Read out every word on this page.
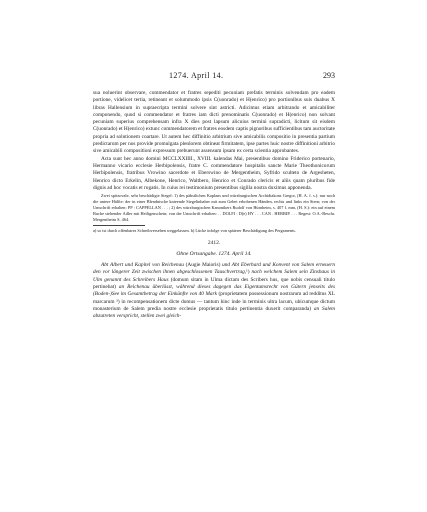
1274. April 14.	293

sua noluerint observare, commendator et fratres sepediti pecuniam prefatis terminis solvendam pro eadem portione, videlicet tertia, retineant et solummodo ipsis C(uonrado) et H(enrico) pro portionibus suis duabus X libras Hallensium in supraecripta termini solvere sint astricti. Adicimus etiam arbitrando et amicabiliter componendo, quod si commendator et fratres iam dicti prenominatis C(uonrado) et H(enrico) non solvant pecuniam superius comprehensam infra X dies post lapsum alicuius termini supradicti, licitum sit eisdem C(uonrado) et H(enrico) extunc commendatorem et fratres eosdem captis pignoribus sufficientibus tam auctoritate propria ad solutionem coartare. Ut autem hec diffinitio arbitrium sive amicabilis compositio in presentia partium predictarum per nos provide promulgata plenlorem obtineat firmitatem, ipse partes huic nostre diffinitioni arbitrio sive amicabili compositioni expressum prebuerunt assensum ipsam ex certa scientia approbantes.

Acta sunt hec anno domini MCCLXXIIII., XVIII. kalendas Mai, presentibus domino Friderico portenario, Hermanno vicario ecclesie Herbipolensis, fratre C. commendatore hospitalis sancte Marie Theothonicorum Herbipolensis, fratribus Vrowino sacerdote et Eberswino de Mergentheim, Syfrido sculteto de Argesheten, Henrico dicto Erkelin, Albekone, Henrico, Waltbero, Henrico et Conrado clericis et aliis quam pluribus fide dignis ad hoc vocatis et rogatis. In cuius rei testimonium presentibus sigilla nostra duximus apponenda.

Zwei spitzovale, sehr beschädigte Siegel: 1) des päbstlichen Kaplans und würzburgischen Archidiakons Gregor, (H. A. f. s.): nur noch die untere Hälfte: der in einer Blendnische knieende Siegelinhaber mit zum Gebet erhobenen Händen, rechts und links ein Stern; von der Umschrift erhalten: PP : CAPPELLAN . . . ; 2) des würzburgischen Kanonikers Rudolf von Hürnheim, s. 407 f. mm, (H. S.): ein auf einem Buche stehender Adler mit Heiligenschein; von der Umschrift erhalten: . . DOLFI : D(e) HY . . . CAN . HERBIP. . . . Regest: O.A.-Beschr. Mergentheim S. 464.

a) so ist durch offenbares Schreibversehen weggelassen. b) Lücke infolge von späterer Beschädigung des Pergaments.

2412.

Ohne Ortsangabe. 1274. April 14.

Abt Albert und Kapitel von Reichenau (Augie Maioris) und Abt Eberhard und Konvent von Salem erneuern den vor längerer Zeit zwischen ihnen abgeschlossenen Tauschvertrag,¹) nach welchem Salem sein Zinshaus in Ulm genannt des Schreibers Haus (domum sitam in Ulma dictam des Scribers hus, que nobis censuali titulo pertinebat) an Reichenau überlässt, während dieses dagegen das Eigentumsrecht von Gütern jenseits des (Boden-)See im Gesamtbetrag der Einkünfte von 40 Mark (proprietatem possessionum nostrarum ad redditus XL marcarum ³) in recompensationem dicte domus — tantum hinc inde in terminis ultra lacum, ubicumque dictum monasterium de Salem predia nostre ecclesie proprietatis titulo pertinentia duxerit comparanda) an Salem abzutreten verspricht, stellen zwei gleich-
